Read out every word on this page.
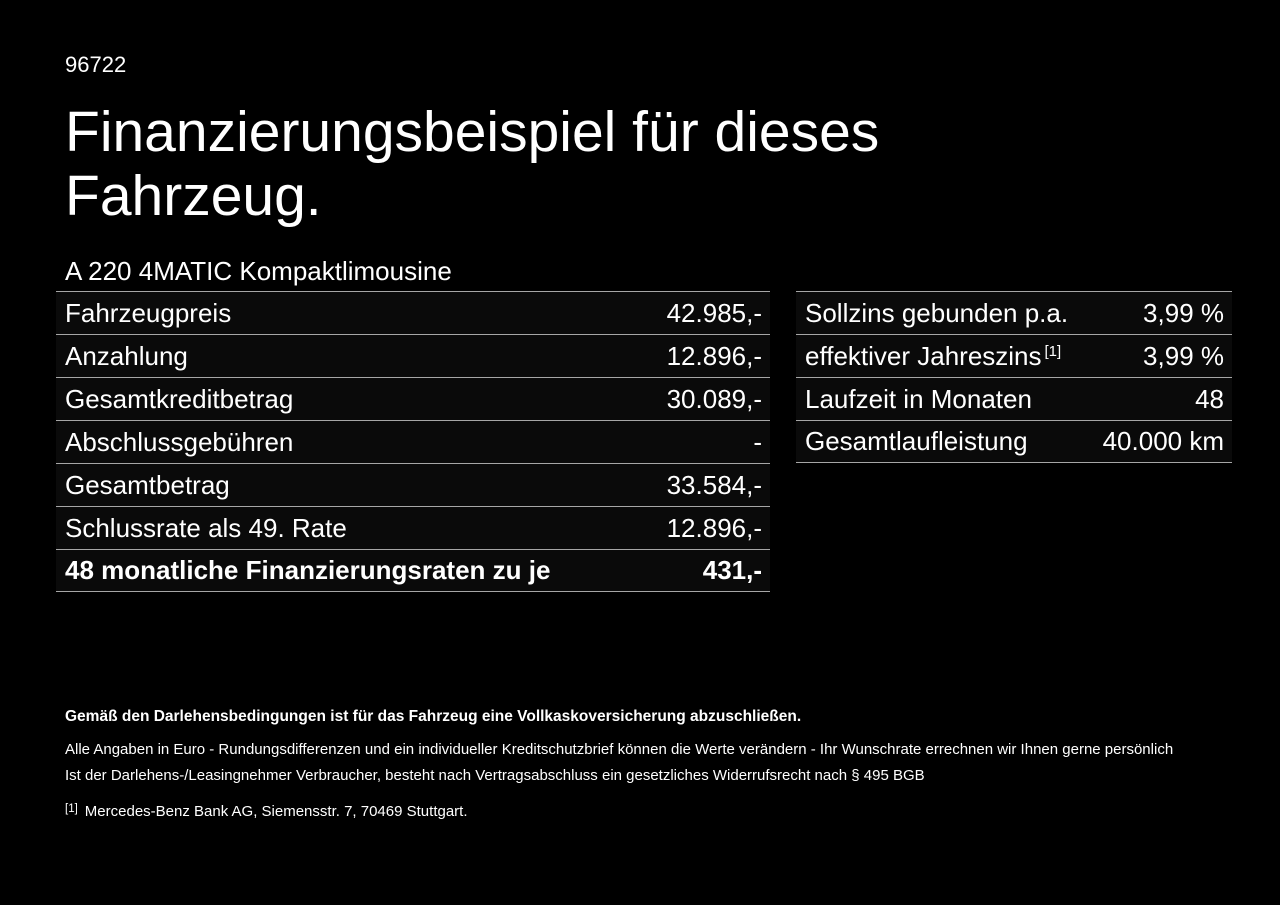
96722

Finanzierungsbeispiel für dieses
Fahrzeug.

A 220 4MATIC Kompaktlimousine

Fahrzeugpreis	42.985,-
Anzahlung	12.896,-
Gesamtkreditbetrag	30.089,-
Abschlussgebühren	-
Gesamtbetrag	33.584,-
Schlussrate als 49. Rate	12.896,-
48 monatliche Finanzierungsraten zu je	431,-
Sollzins gebunden p.a.	3,99 %
effektiver Jahreszins [1]	3,99 %
Laufzeit in Monaten	48
Gesamtlaufleistung	40.000 km

Gemäß den Darlehensbedingungen ist für das Fahrzeug eine Vollkaskoversicherung abzuschließen.

Alle Angaben in Euro - Rundungsdifferenzen und ein individueller Kreditschutzbrief können die Werte verändern - Ihr Wunschrate errechnen wir Ihnen gerne persönlich

Ist der Darlehens-/Leasingnehmer Verbraucher, besteht nach Vertragsabschluss ein gesetzliches Widerrufsrecht nach § 495 BGB

[1] Mercedes-Benz Bank AG, Siemensstr. 7, 70469 Stuttgart.
